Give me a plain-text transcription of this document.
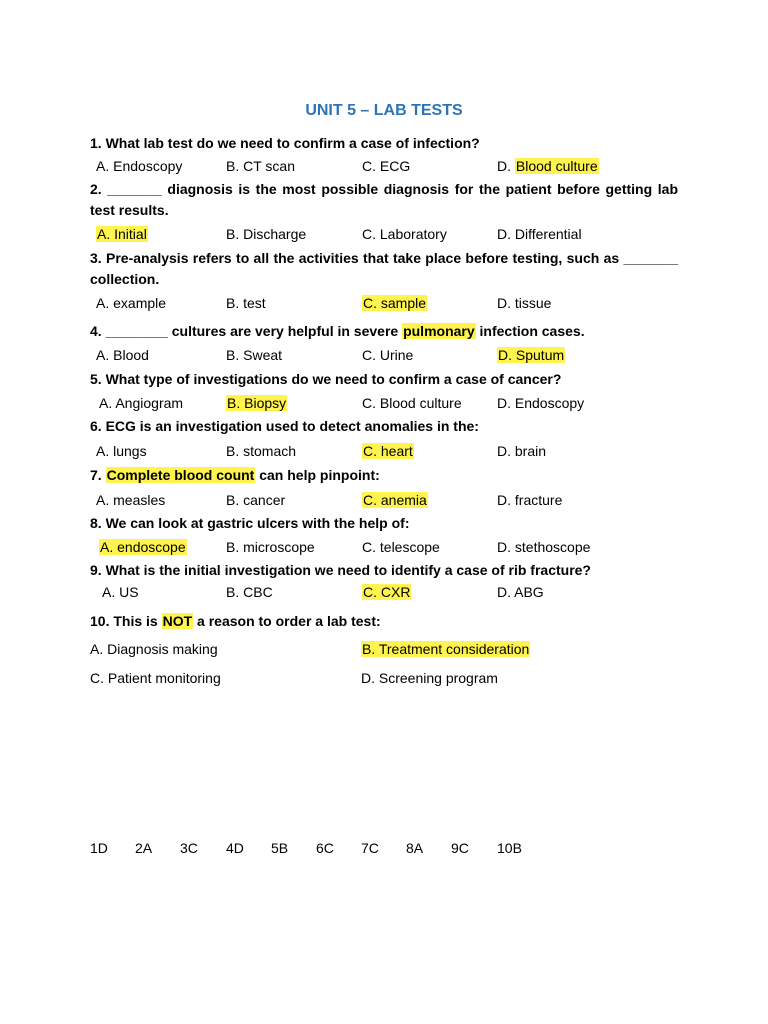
UNIT 5 – LAB TESTS
1. What lab test do we need to confirm a case of infection?
A. Endoscopy	B. CT scan	C. ECG	D. Blood culture
2. _______ diagnosis is the most possible diagnosis for the patient before getting lab test results.
A. Initial	B. Discharge	C. Laboratory	D. Differential
3. Pre-analysis refers to all the activities that take place before testing, such as _______ collection.
A. example	B. test	C. sample	D. tissue
4. ________ cultures are very helpful in severe pulmonary infection cases.
A. Blood	B. Sweat	C. Urine	D. Sputum
5. What type of investigations do we need to confirm a case of cancer?
A. Angiogram	B. Biopsy	C. Blood culture	D. Endoscopy
6. ECG is an investigation used to detect anomalies in the:
A. lungs	B. stomach	C. heart	D. brain
7. Complete blood count can help pinpoint:
A. measles	B. cancer	C. anemia	D. fracture
8. We can look at gastric ulcers with the help of:
A. endoscope	B. microscope	C. telescope	D. stethoscope
9. What is the initial investigation we need to identify a case of rib fracture?
A. US	B. CBC	C. CXR	D. ABG
10. This is NOT a reason to order a lab test:
A. Diagnosis making	B. Treatment consideration
C. Patient monitoring	D. Screening program
1D 2A 3C 4D 5B 6C 7C 8A 9C 10B
